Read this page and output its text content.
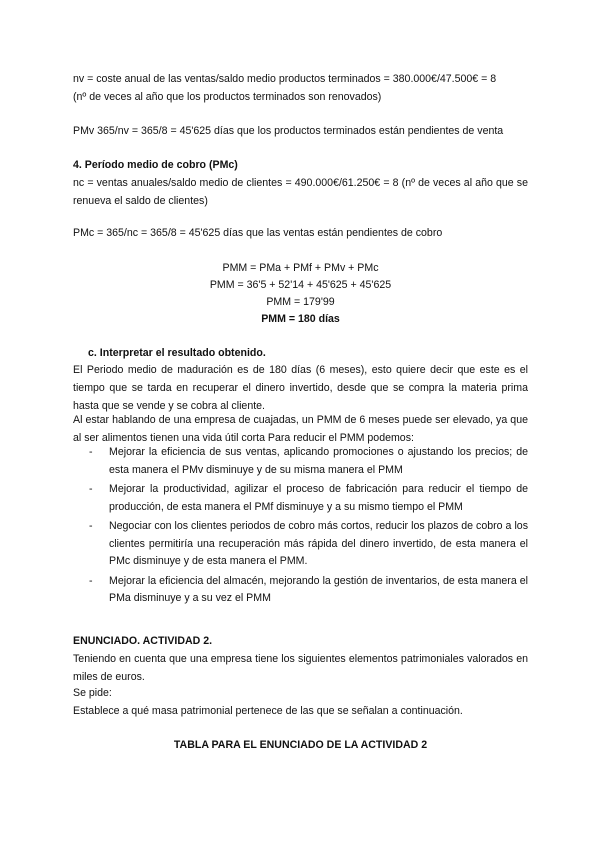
nv = coste anual de las ventas/saldo medio productos terminados = 380.000€/47.500€ = 8

(nº de veces al año que los productos terminados son renovados)

PMv 365/nv = 365/8 = 45'625 días que los productos terminados están pendientes de venta

4. Período medio de cobro (PMc)

nc = ventas anuales/saldo medio de clientes = 490.000€/61.250€ = 8 (nº de veces al año que se renueva el saldo de clientes)

PMc = 365/nc = 365/8 = 45'625 días que las ventas están pendientes de cobro

PMM = PMa + PMf + PMv + PMc

PMM = 36'5 + 52'14 + 45'625 + 45'625

PMM = 179'99

PMM = 180 días

c. Interpretar el resultado obtenido.

El Periodo medio de maduración es de 180 días (6 meses), esto quiere decir que este es el tiempo que se tarda en recuperar el dinero invertido, desde que se compra la materia prima hasta que se vende y se cobra al cliente.

Al estar hablando de una empresa de cuajadas, un PMM de 6 meses puede ser elevado, ya que al ser alimentos tienen una vida útil corta Para reducir el PMM podemos:

- Mejorar la eficiencia de sus ventas, aplicando promociones o ajustando los precios; de esta manera el PMv disminuye y de su misma manera el PMM
- Mejorar la productividad, agilizar el proceso de fabricación para reducir el tiempo de producción, de esta manera el PMf disminuye y a su mismo tiempo el PMM
- Negociar con los clientes periodos de cobro más cortos, reducir los plazos de cobro a los clientes permitiría una recuperación más rápida del dinero invertido, de esta manera el PMc disminuye y de esta manera el PMM.
- Mejorar la eficiencia del almacén, mejorando la gestión de inventarios, de esta manera el PMa disminuye y a su vez el PMM

ENUNCIADO. ACTIVIDAD 2.

Teniendo en cuenta que una empresa tiene los siguientes elementos patrimoniales valorados en miles de euros.

Se pide:

Establece a qué masa patrimonial pertenece de las que se señalan a continuación.

TABLA PARA EL ENUNCIADO DE LA ACTIVIDAD 2
